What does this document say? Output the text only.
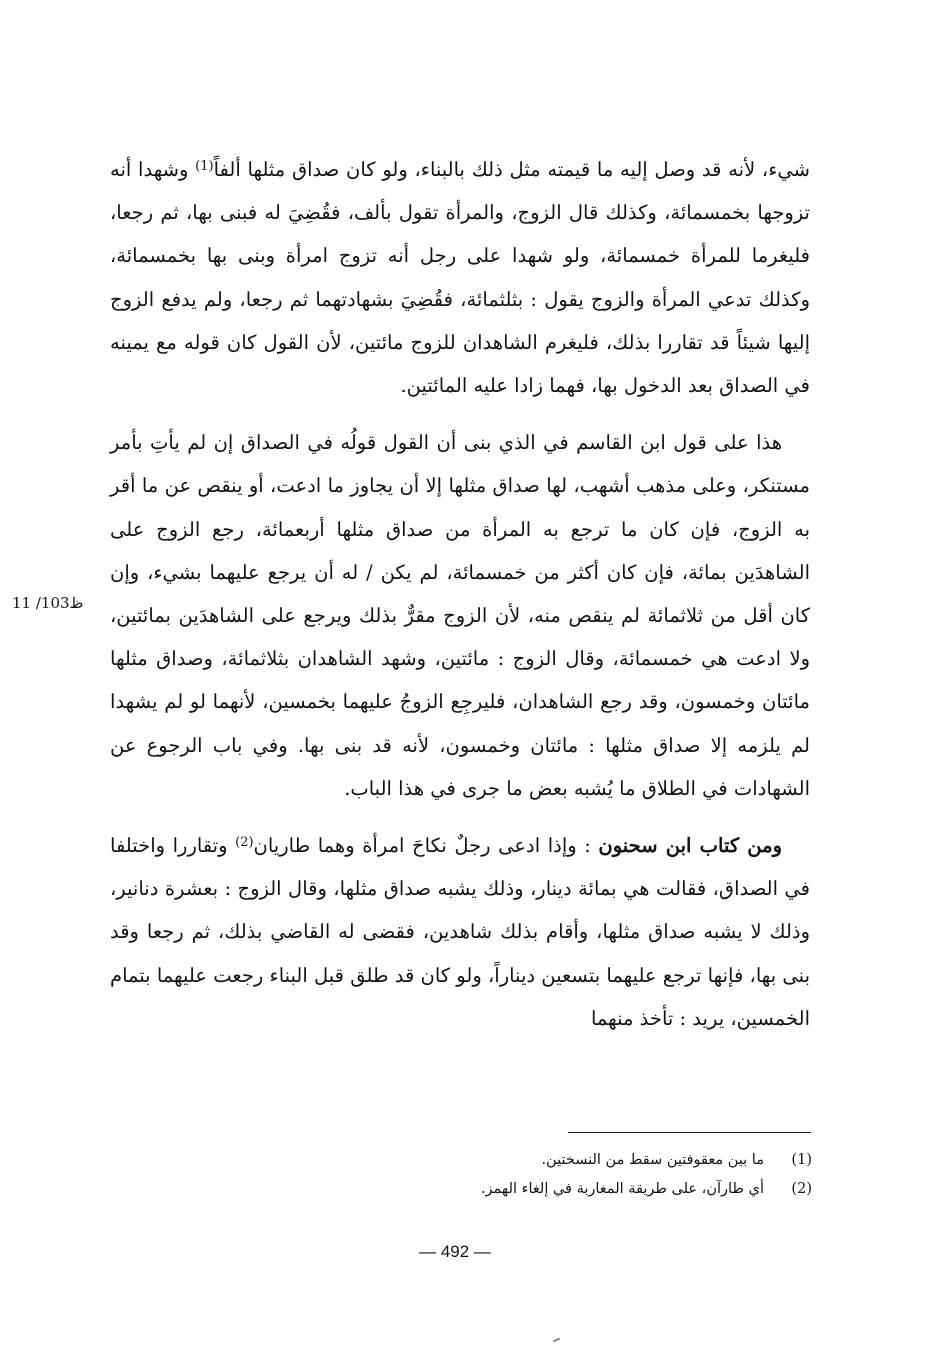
شيء، لأنه قد وصل إليه ما قيمته مثل ذلك بالبناء، ولو كان صداق مثلها ألفاً$^{(1)}$ وشهدا أنه تزوجها بخمسمائة، وكذلك قال الزوج، والمرأة تقول بألف، فقُضِيَ له فبنى بها، ثم رجعا، فليغرما للمرأة خمسمائة، ولو شهدا على رجل أنه تزوج امرأة وبنى بها بخمسمائة، وكذلك تدعي المرأة والزوج يقول : بثلثمائة، فقُضِيَ بشهادتهما ثم رجعا، ولم يدفع الزوج إليها شيئاً قد تقاررا بذلك، فليغرم الشاهدان للزوج مائتين، لأن القول كان قوله مع يمينه في الصداق بعد الدخول بها، فهما زادا عليه المائتين.

هذا على قول ابن القاسم في الذي بنى أن القول قولُه في الصداق إن لم يأتِ بأمر مستنكر، وعلى مذهب أشهب، لها صداق مثلها إلا أن يجاوز ما ادعت، أو ينقص عن ما أقر به الزوج، فإن كان ما ترجع به المرأة من صداق مثلها أربعمائة، رجع الزوج على الشاهدَين بمائة، فإن كان أكثر من خمسمائة، لم يكن / له أن يرجع عليهما بشيء، وإن كان أقل من ثلاثمائة لم ينقص منه، لأن الزوج مقرٌّ بذلك ويرجع على الشاهدَين بمائتين، ولا ادعت هي خمسمائة، وقال الزوج : مائتين، وشهد الشاهدان بثلاثمائة، وصداق مثلها مائتان وخمسون، وقد رجع الشاهدان، فليرجِع الزوجُ عليهما بخمسين، لأنهما لو لم يشهدا لم يلزمه إلا صداق مثلها : مائتان وخمسون، لأنه قد بنى بها. وفي باب الرجوع عن الشهادات في الطلاق ما يُشبه بعض ما جرى في هذا الباب.

ومن كتاب ابن سحنون : وإذا ادعى رجلٌ نكاحَ امرأة وهما طاريان$^{(2)}$ وتقاررا واختلفا في الصداق، فقالت هي بمائة دينار، وذلك يشبه صداق مثلها، وقال الزوج : بعشرة دنانير، وذلك لا يشبه صداق مثلها، وأقام بذلك شاهدين، فقضى له القاضي بذلك، ثم رجعا وقد بنى بها، فإنها ترجع عليهما بتسعين ديناراً، ولو كان قد طلق قبل البناء رجعت عليهما بتمام الخمسين، يريد : تأخذ منهما

11 /103ظ
(1)ما بين معقوفتين سقط من النسختين.
(2)أي طارآن، على طريقة المغاربة في إلغاء الهمز.
— 492 —
